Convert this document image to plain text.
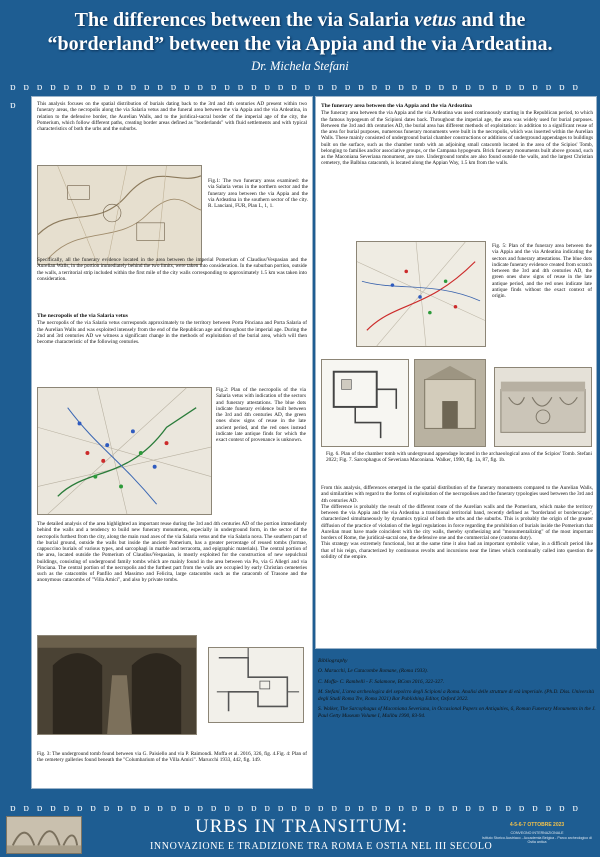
The differences between the via Salaria vetus and the
“borderland” between the via Appia and the via Ardeatina.
Dr. Michela Stefani
ɒ ɒ ɒ ɒ ɒ ɒ ɒ ɒ ɒ ɒ ɒ ɒ ɒ ɒ ɒ ɒ ɒ ɒ ɒ ɒ ɒ ɒ ɒ ɒ ɒ ɒ ɒ ɒ ɒ ɒ ɒ ɒ ɒ ɒ ɒ ɒ ɒ ɒ ɒ ɒ ɒ ɒ ɒɒ	This analysis focuses on the spatial distribution of burials dating back to the 3rd and 4th centuries AD present within two funerary areas, the necropolis along the via Salaria vetus and the funeral area between the via Appia and the via Ardeatina, in relation to the defensive border, the Aurelian Walls, and to the juridical-sacral border of the imperial age of the city, the Pomerium, which follow different paths, creating border areas defined as "borderlands" with fluid settlements and with typical characteristics of both the urbs and the suburbs.
Fig.1: The two funerary areas examined: the via Salaria vetus in the northern sector and the funerary area between the via Appia and the via Ardeatina in the southern sector of the city. R. Lanciani, FUR, Plan L, 1, 1.
Specifically, all the funerary evidence located in the area between the imperial Pomerium of Claudius/Vespasian and the Aurelian Walls, in the portion immediately behind the two limits, were taken into consideration. In the suburban portion, outside the walls, a territorial strip included within the first mile of the city walls corresponding to approximately 1.5 km was taken into consideration.
The necropolis of the via Salaria vetus
The necropolis of the via Salaria vetus corresponds approximately to the territory between Porta Pinciana and Porta Salaria of the Aurelian Walls and was exploited intensely from the end of the Republican age and throughout the imperial age. During the 2nd and 3rd centuries AD we witness a significant change in the methods of exploitation of the burial area, which will then become characteristic of the following centuries.
Fig.2: Plan of the necropolis of the via Salaria vetus with indication of the sectors and funerary attestations. The blue dots indicate funerary evidence built between the 3rd and 4th centuries AD, the green ones show signs of reuse in the late ancient period, and the red ones instead indicate late antique finds for which the exact context of provenance is unknown.
The detailed analysis of the area highlighted an important reuse during the 3rd and 4th centuries AD of the portion immediately behind the walls and a tendency to build new funerary monuments, especially in underground form, in the sector of the necropolis furthest from the city, along the main road axes of the via Salaria vetus and the via Salaria nova. The southern part of the burial ground, outside the walls but inside the ancient Pomerium, has a greater percentage of reused tombs (formae, cappuccino burials of various types, and sarcophagi in marble and terracotta, and epigraphic materials). The central portion of the area, located outside the Pomerium of Claudius/Vespasian, is mostly exploited for the construction of new sepulchral buildings, consisting of underground family tombs which are mainly found in the area between via Po, via G Allegri and via Pinciana. The central portion of the necropolis and the furthest part from the walls are occupied by early Christian cemeteries such as the catacombs of Panfilo and Massimo and Felicita, large catacombs such as the catacomb of Trasone and the anonymous catacombs of "Villa Amici", and also by private tombs.
Fig. 3: The underground tomb found between via G. Paisiello and via P. Raimondi. Moffa et al. 2016, 326, fig. 4.Fig. 4: Plan of the cemetery galleries found beneath the "Columbarium of the Villa Amici". Marucchi 1933, 442, fig. 149.
The funerary area between the via Appia and the via Ardeatina
The funerary area between the via Appia and the via Ardeatina was used continuously starting in the Republican period, to which the famous hypogeum of the Scipioni dates back. Throughout the imperial age, the area was widely used for burial purposes. Between the 3rd and 4th centuries AD, the burial area has different methods of exploitation: in addition to a significant reuse of the area for burial purposes, numerous funerary monuments were built in the necropolis, which was inserted within the Aurelian Walls. These mainly consisted of underground burial chamber constructions or additions of underground appendages to buildings built on the surface, such as the chamber tomb with an adjoining small catacomb located in the area of the Scipios' Tomb, belonging to families and/or associative groups, or the Campana hypogeum. Brick funerary monuments built above ground, such as the Maconiana Severiana monument, are rare. Underground tombs are also found outside the walls, and the largest Christian cemetery, the Balbina catacomb, is located along the Appian Way, 1.5 km from the walls.
Fig. 5: Plan of the funerary area between the via Appia and the via Ardeatina indicating the sectors and funerary attestations. The blue dots indicate funerary evidence created from scratch between the 3rd and 4th centuries AD, the green ones show signs of reuse in the late antique period, and the red ones indicate late antique finds without the exact context of origin.
Fig. 6. Plan of the chamber tomb with underground appendage located in the archaeological area of the Scipios' Tomb. Stefani 2022; Fig. 7. Sarcophagus of Severiana Maconiana. Walker, 1990, fig. 1a, 87, fig. 1b.
From this analysis, differences emerged in the spatial distribution of the funerary monuments compared to the Aurelian Walls, and similarities with regard to the forms of exploitation of the necropolises and the funerary typologies used between the 3rd and 4th centuries AD.
The difference is probably the result of the different route of the Aurelian walls and the Pomerium, which make the territory between the via Appia and the via Ardeatina a transitional territorial band, recently defined as "borderland or borderscape", characterized simultaneously by dynamics typical of both the urbs and the suburbs. This is probably the origin of the greater diffusion of the practice of violation of the legal regulations in force regarding the prohibition of burials inside the Pomerium that Aurelian must have made coincident with the city walls, thereby synthesizing and "monumentalizing" of the most important borders of Rome, the juridical-sacral one, the defensive one and the commercial one (customs duty).
This strategy was extremely functional, but at the same time it also had an important symbolic value, in a difficult period like that of his reign, characterized by continuous revolts and incursions near the limes which continually called into question the solidity of the empire.
Bibliography
O. Marucchi, Le Catacombe Romane, (Roma 1933).
C. Moffa- C. Rambelli - F. Salamone, BCom 2016, 322-327.
M. Stefani, L'area archeologica del sepolcro degli Scipioni a Roma. Analisi delle strutture di età imperiale. (Ph.D. Diss. Università degli Studi Roma Tre, Roma 2021) Bar Publishing Editor, Oxford 2022.
S. Walker, The Sarcophagus of Maconiana Severiana, in Occasional Papers on Antiquities, 6, Roman Funerary Monuments in the J. Paul Getty Museum Volume I, Malibu 1990, 83-94.
ɒ ɒ ɒ ɒ ɒ ɒ ɒ ɒ ɒ ɒ ɒ ɒ ɒ ɒ ɒ ɒ ɒ ɒ ɒ ɒ ɒ ɒ ɒ ɒ ɒ ɒ ɒ ɒ ɒ ɒ ɒ ɒ ɒ ɒ ɒ ɒ ɒ ɒ ɒ ɒ ɒ ɒ ɒ
URBS IN TRANSITUM:
INNOVAZIONE E TRADIZIONE TRA ROMA E OSTIA NEL III SECOLO
4-5-6-7 OTTOBRE 2023
CONVEGNO INTERNAZIONALE
Istituto Storico Austriaco - Accademia Belgica - Parco archeologico di Ostia antica
